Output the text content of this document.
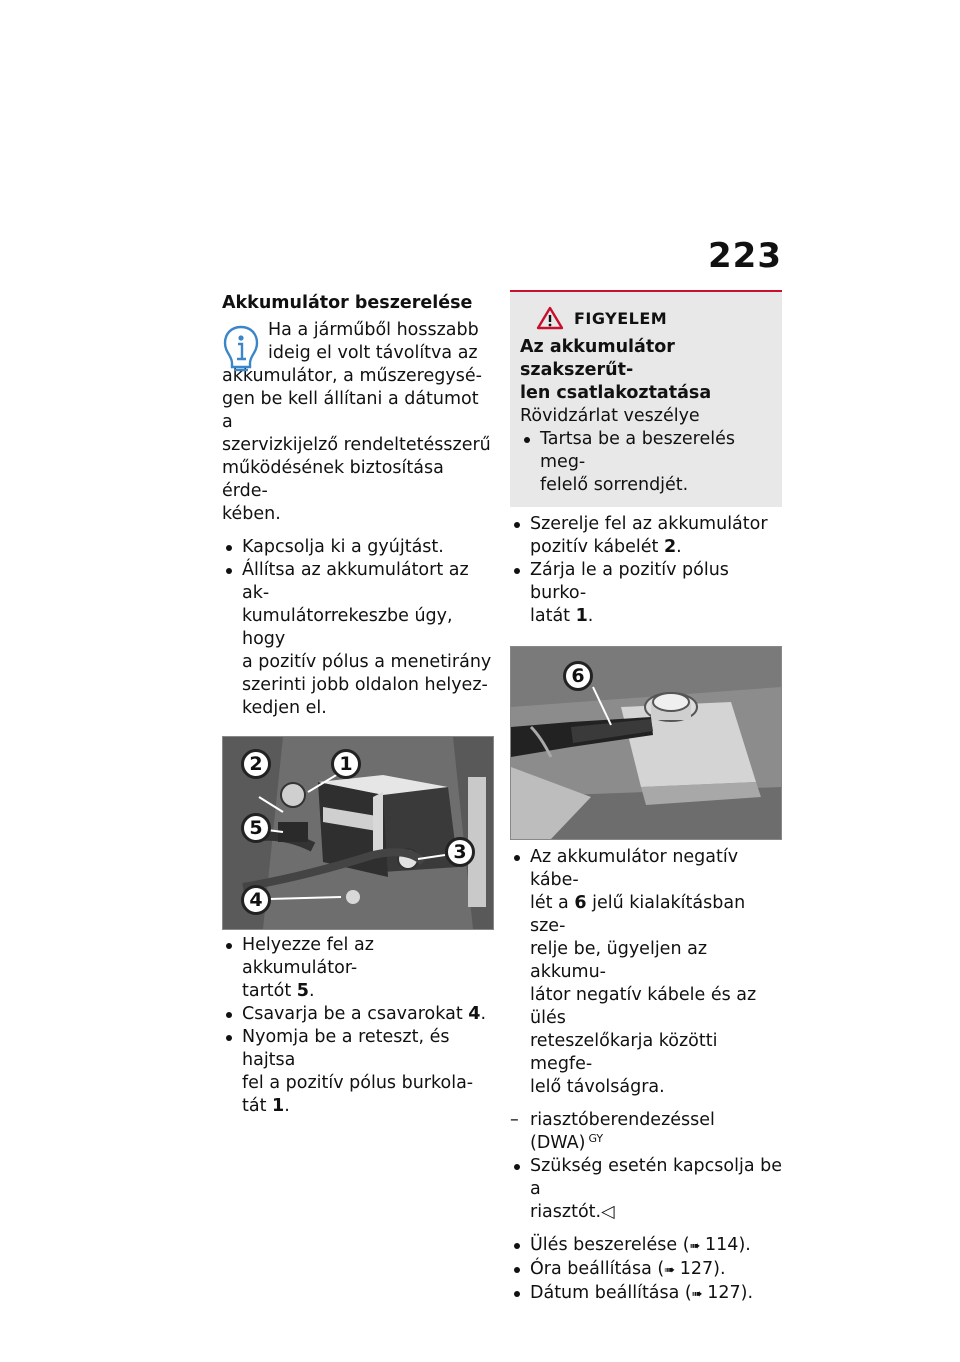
223
Akkumulátor beszerelése
Ha a járműből hosszabb
ideig el volt távolítva az
akkumulátor, a műszeregysé-
gen be kell állítani a dátumot a
szervizkijelző rendeltetésszerű
működésének biztosítása érde-
kében.
Kapcsolja ki a gyújtást.
Állítsa az akkumulátort az ak-
kumulátorrekeszbe úgy, hogy
a pozitív pólus a menetirány
szerinti jobb oldalon helyez-
kedjen el.
1
2
3
4
5
Helyezze fel az akkumulátor-
tartót 5.
Csavarja be a csavarokat 4.
Nyomja be a reteszt, és hajtsa
fel a pozitív pólus burkola-
tát 1.
FIGYELEM
Az akkumulátor szakszerűt-
len csatlakoztatása
Rövidzárlat veszélye
Tartsa be a beszerelés meg-
felelő sorrendjét.
Szerelje fel az akkumulátor
pozitív kábelét 2.
Zárja le a pozitív pólus burko-
latát 1.
6
Az akkumulátor negatív kábe-
lét a 6 jelű kialakításban sze-
relje be, ügyeljen az akkumu-
látor negatív kábele és az ülés
reteszelőkarja közötti megfe-
lelő távolságra.
– riasztóberendezéssel
(DWA) $^{GY}$
Szükség esetén kapcsolja be a
riasztót.◁
Ülés beszerelése (➠ 114).
Óra beállítása (➠ 127).
Dátum beállítása (➠ 127).
